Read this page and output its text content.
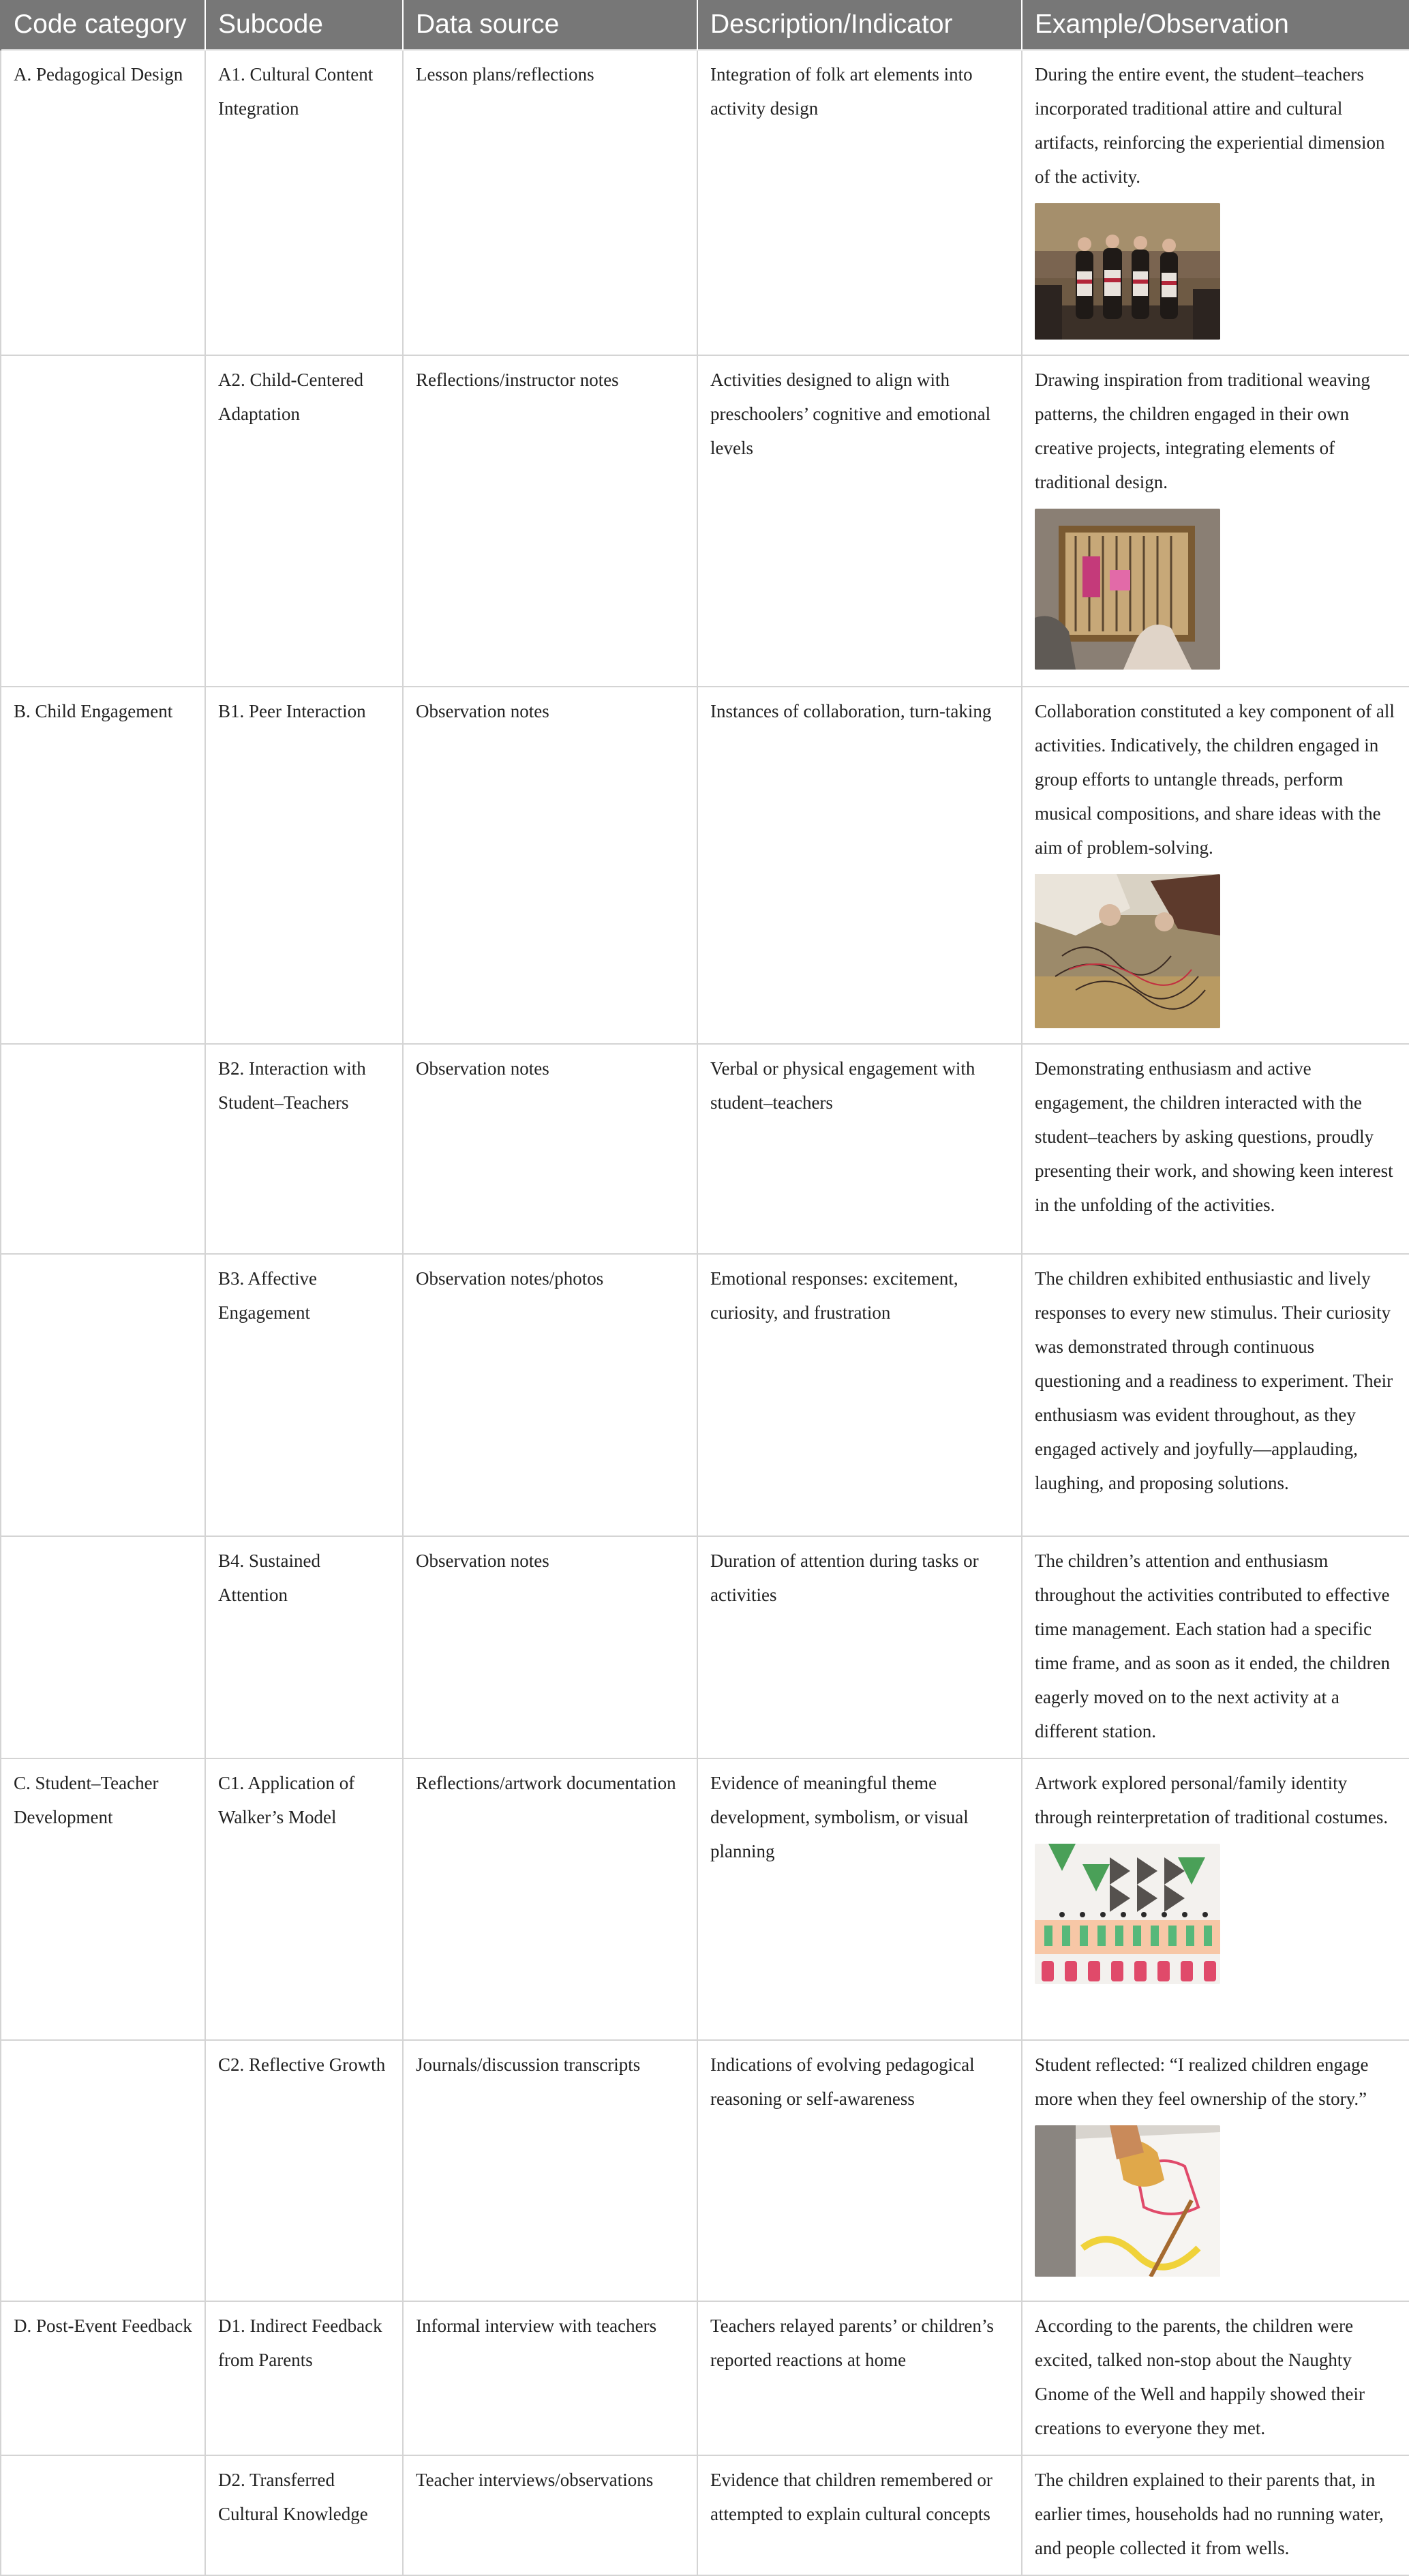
Code category	Subcode	Data source	Description/Indicator	Example/Observation
A. Pedagogical Design	A1. Cultural Content Integration	Lesson plans/reflections	Integration of folk art elements into activity design	During the entire event, the student–teachers incorporated traditional attire and cultural artifacts, reinforcing the experiential dimension of the activity.

	A2. Child-Centered Adaptation	Reflections/instructor notes	Activities designed to align with preschoolers’ cognitive and emotional levels	Drawing inspiration from traditional weaving patterns, the children engaged in their own creative projects, integrating elements of traditional design.

B. Child Engagement	B1. Peer Interaction	Observation notes	Instances of collaboration, turn-taking	Collaboration constituted a key component of all activities. Indicatively, the children engaged in group efforts to untangle threads, perform musical compositions, and share ideas with the aim of problem-solving.

	B2. Interaction with Student–Teachers	Observation notes	Verbal or physical engagement with student–teachers	Demonstrating enthusiasm and active engagement, the children interacted with the student–teachers by asking questions, proudly presenting their work, and showing keen interest in the unfolding of the activities.
	B3. Affective Engagement	Observation notes/photos	Emotional responses: excitement, curiosity, and frustration	The children exhibited enthusiastic and lively responses to every new stimulus. Their curiosity was demonstrated through continuous questioning and a readiness to experiment. Their enthusiasm was evident throughout, as they engaged actively and joyfully—applauding, laughing, and proposing solutions.
	B4. Sustained Attention	Observation notes	Duration of attention during tasks or activities	The children’s attention and enthusiasm throughout the activities contributed to effective time management. Each station had a specific time frame, and as soon as it ended, the children eagerly moved on to the next activity at a different station.
C. Student–Teacher Development	C1. Application of Walker’s Model	Reflections/artwork documentation	Evidence of meaningful theme development, symbolism, or visual planning	Artwork explored personal/family identity through reinterpretation of traditional costumes.

	C2. Reflective Growth	Journals/discussion transcripts	Indications of evolving pedagogical reasoning or self-awareness	Student reflected: “I realized children engage more when they feel ownership of the story.”

D. Post-Event Feedback	D1. Indirect Feedback from Parents	Informal interview with teachers	Teachers relayed parents’ or children’s reported reactions at home	According to the parents, the children were excited, talked non-stop about the Naughty Gnome of the Well and happily showed their creations to everyone they met.
	D2. Transferred Cultural Knowledge	Teacher interviews/observations	Evidence that children remembered or attempted to explain cultural concepts	The children explained to their parents that, in earlier times, households had no running water, and people collected it from wells.
